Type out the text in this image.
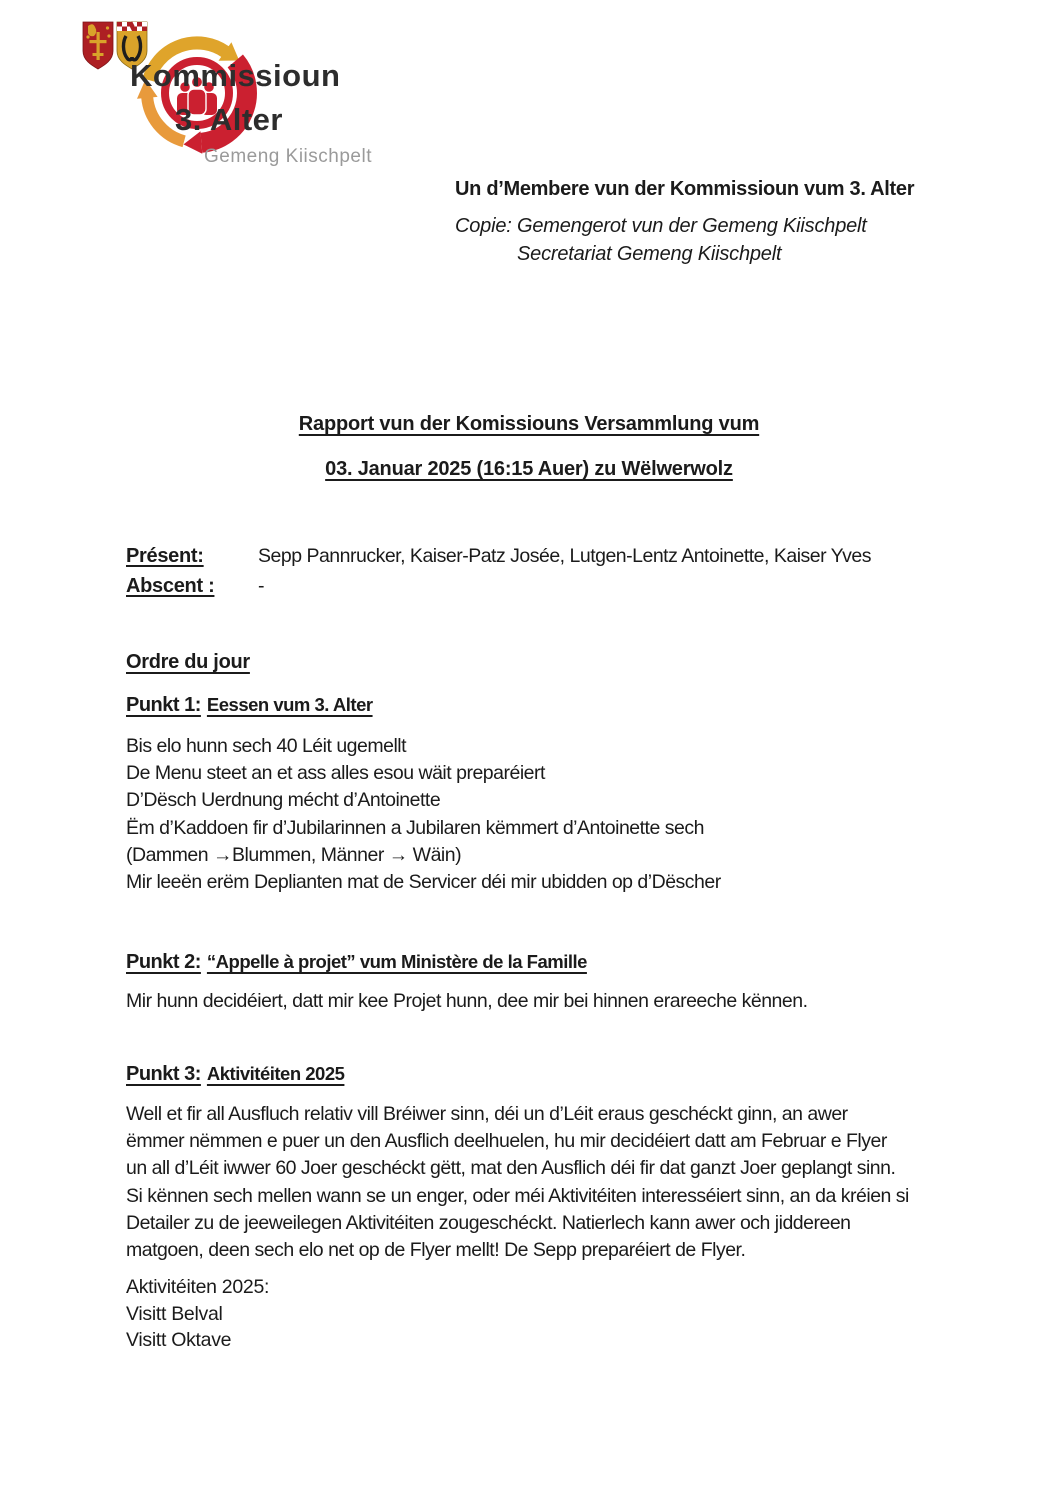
Kommissioun
3. Alter
Gemeng Kiischpelt
Un d’Membere vun der Kommissioun vum 3. Alter
Copie: Gemengerot vun der Gemeng Kiischpelt
Secretariat Gemeng Kiischpelt
Rapport vun der Komissiouns Versammlung vum
03. Januar 2025 (16:15 Auer) zu Wëlwerwolz
Présent:	Sepp Pannrucker, Kaiser-Patz Josée, Lutgen-Lentz Antoinette, Kaiser Yves
Abscent :	-
Ordre du jour
Punkt 1: Eessen vum 3. Alter
Bis elo hunn sech 40 Léit ugemellt
De Menu steet an et ass alles esou wäit preparéiert
D’Dësch Uerdnung mécht d’Antoinette
Ëm d’Kaddoen fir d’Jubilarinnen a Jubilaren këmmert d’Antoinette sech
(Dammen →Blummen, Männer → Wäin)
Mir leeën erëm Deplianten mat de Servicer déi mir ubidden op d’Dëscher
Punkt 2: “Appelle à projet” vum Ministère de la Famille
Mir hunn decidéiert, datt mir kee Projet hunn, dee mir bei hinnen erareeche kënnen.
Punkt 3: Aktivitéiten 2025
Well et fir all Ausfluch relativ vill Bréiwer sinn, déi un d’Léit eraus geschéckt ginn, an awer
ëmmer nëmmen e puer un den Ausflich deelhuelen, hu mir decidéiert datt am Februar e Flyer
un all d’Léit iwwer 60 Joer geschéckt gëtt, mat den Ausflich déi fir dat ganzt Joer geplangt sinn.
Si kënnen sech mellen wann se un enger, oder méi Aktivitéiten interesséiert sinn, an da kréien si
Detailer zu de jeeweilegen Aktivitéiten zougeschéckt. Natierlech kann awer och jiddereen
matgoen, deen sech elo net op de Flyer mellt! De Sepp preparéiert de Flyer.
Aktivitéiten 2025:
Visitt Belval
Visitt Oktave
